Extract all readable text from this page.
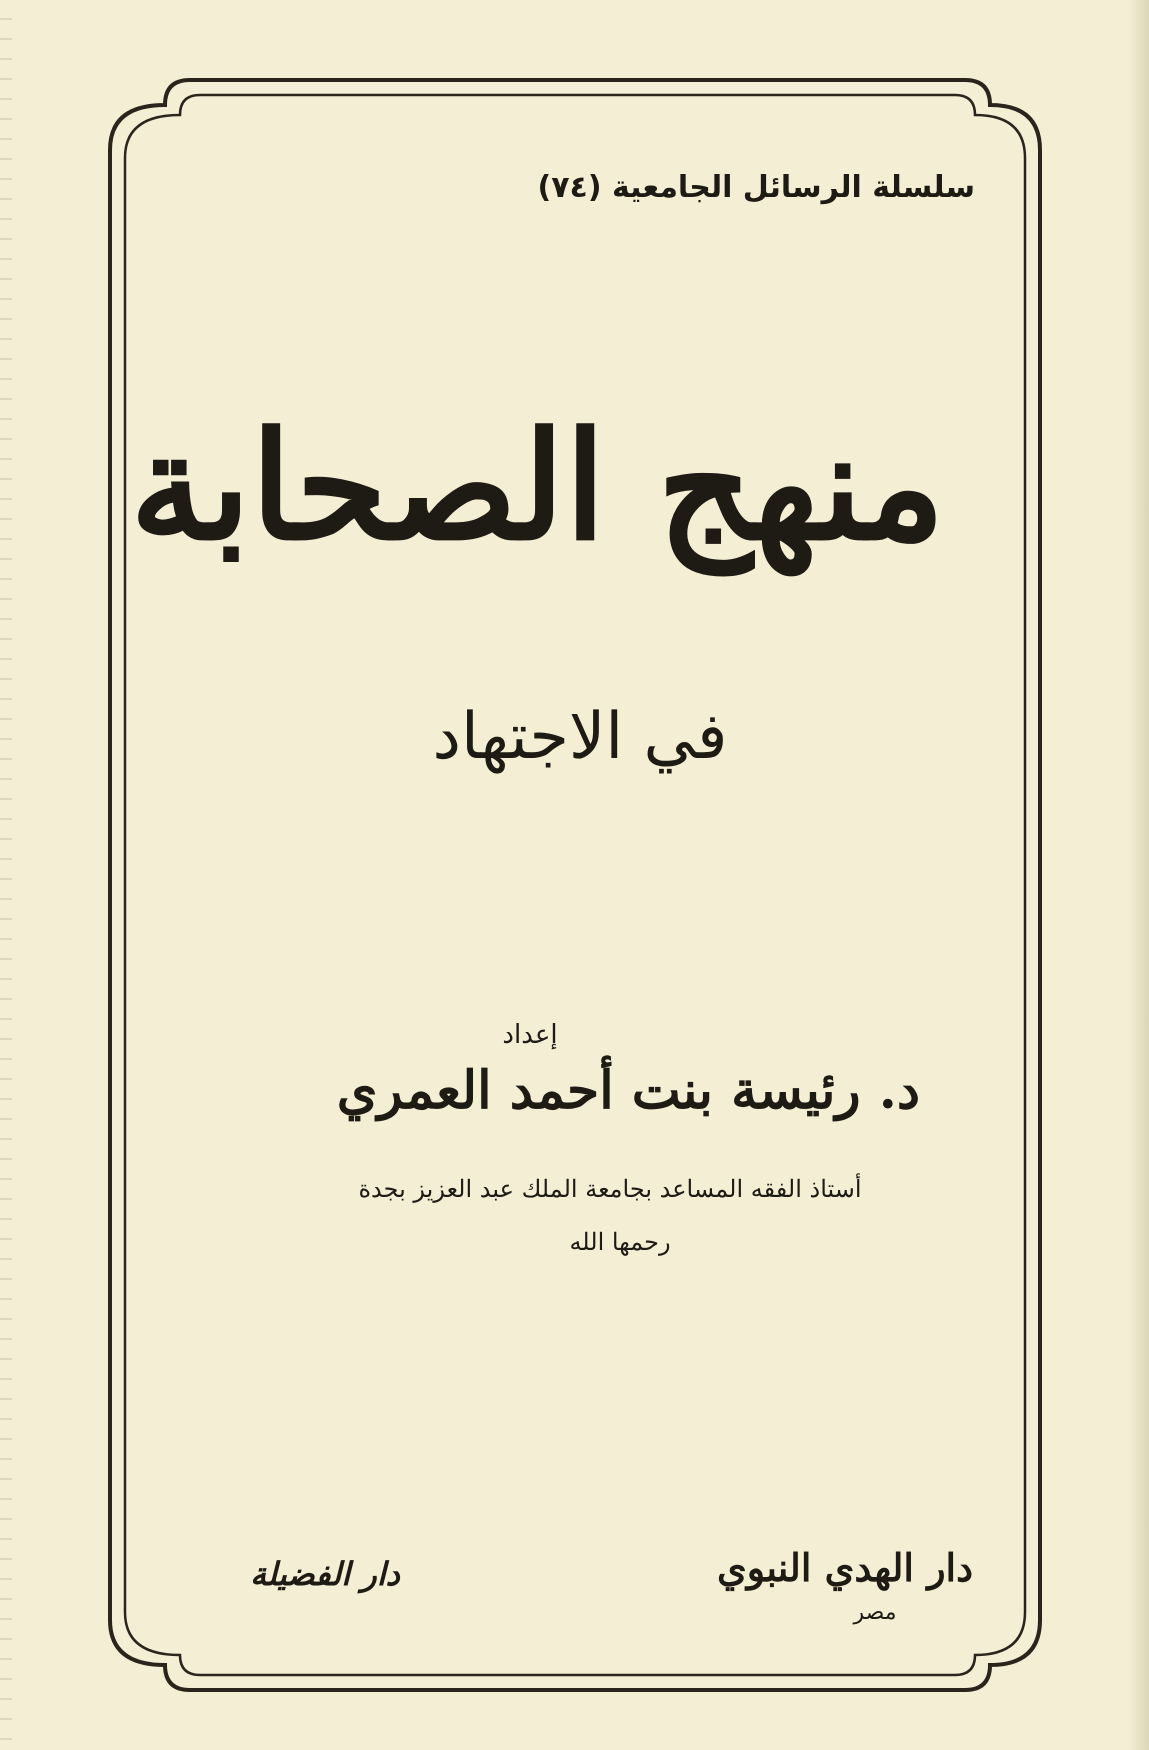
سلسلة الرسائل الجامعية (٧٤)
منهج الصحابة
في الاجتهاد
إعداد
د. رئيسة بنت أحمد العمري
أستاذ الفقه المساعد بجامعة الملك عبد العزيز بجدة
رحمها الله
دار الهدي النبوي
مصر
دار الفضيلة
